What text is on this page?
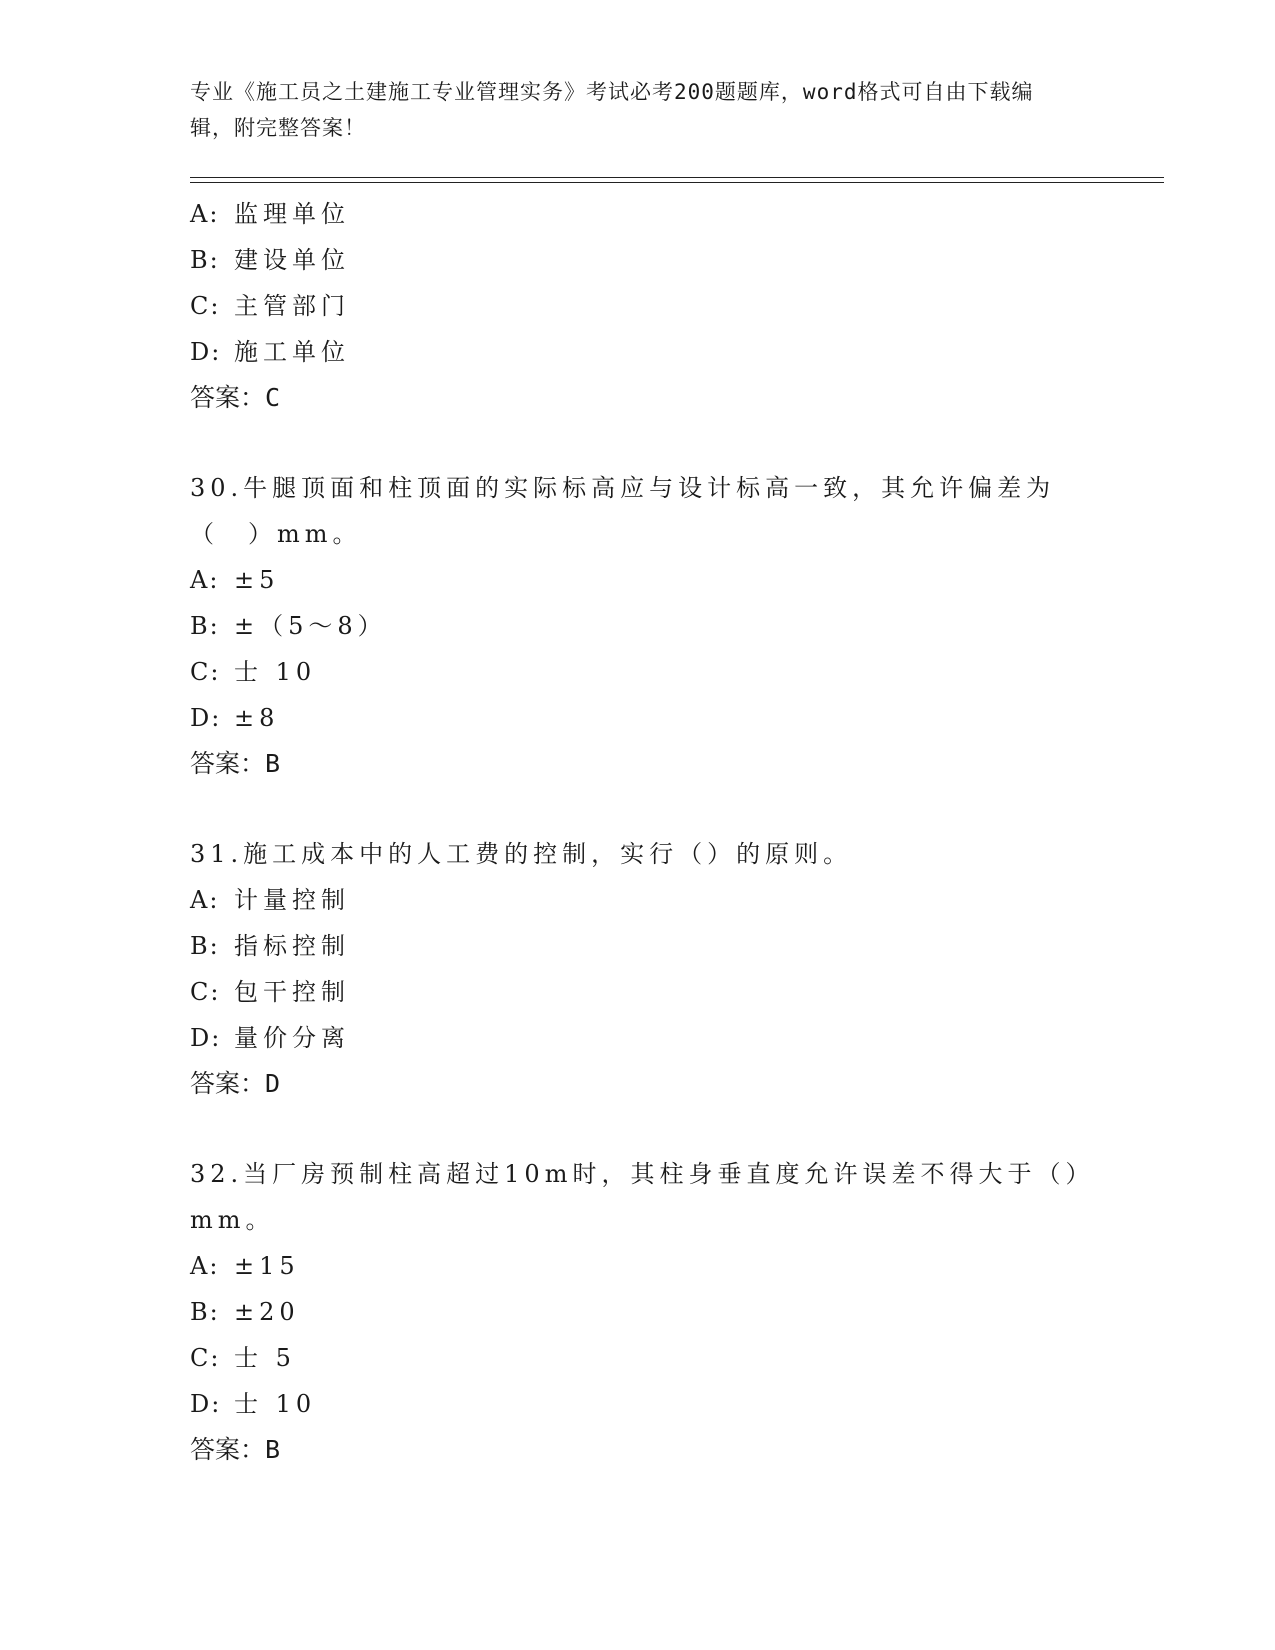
专业《施工员之土建施工专业管理实务》考试必考200题题库，word格式可自由下载编辑，附完整答案！
A: 监理单位
B: 建设单位
C: 主管部门
D: 施工单位
答案：C
30.牛腿顶面和柱顶面的实际标高应与设计标高一致，其允许偏差为（　）mm。
A: ±5
B: ±（5～8）
C: 士 10
D: ±8
答案：B
31.施工成本中的人工费的控制，实行（）的原则。
A: 计量控制
B: 指标控制
C: 包干控制
D: 量价分离
答案：D
32.当厂房预制柱高超过10m时，其柱身垂直度允许误差不得大于（）mm。
A: ±15
B: ±20
C: 士 5
D: 士 10
答案：B
